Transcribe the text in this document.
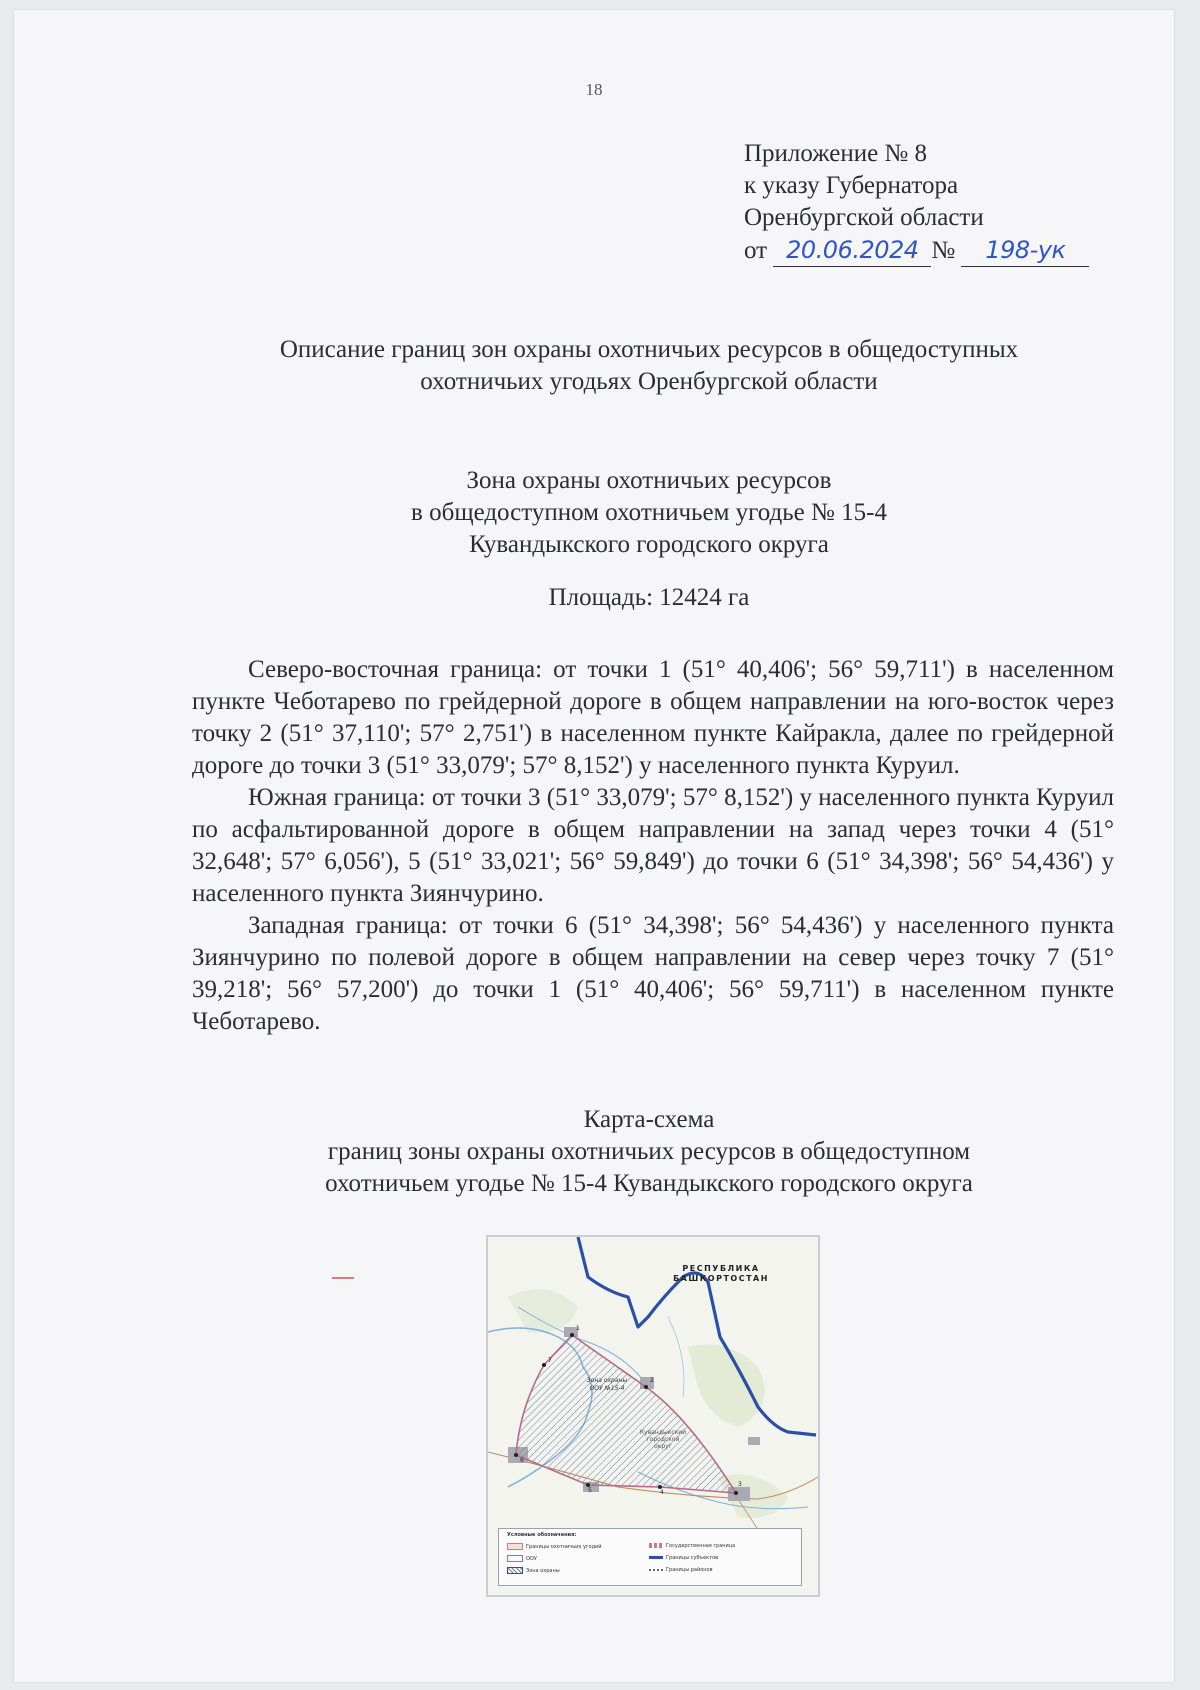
18
Приложение № 8
к указу Губернатора
Оренбургской области
от 20.06.2024 № 198-ук
Описание границ зон охраны охотничьих ресурсов в общедоступных
охотничьих угодьях Оренбургской области
Зона охраны охотничьих ресурсов
в общедоступном охотничьем угодье № 15-4
Кувандыкского городского округа
Площадь: 12424 га

Северо-восточная граница: от точки 1 (51° 40,406'; 56° 59,711') в населенном пункте Чеботарево по грейдерной дороге в общем направлении на юго-восток через точку 2 (51° 37,110'; 57° 2,751') в населенном пункте Кайракла, далее по грейдерной дороге до точки 3 (51° 33,079'; 57° 8,152') у населенного пункта Куруил.

Южная граница: от точки 3 (51° 33,079'; 57° 8,152') у населенного пункта Куруил по асфальтированной дороге в общем направлении на запад через точки 4 (51° 32,648'; 57° 6,056'), 5 (51° 33,021'; 56° 59,849') до точки 6 (51° 34,398'; 56° 54,436') у населенного пункта Зиянчурино.

Западная граница: от точки 6 (51° 34,398'; 56° 54,436') у населенного пункта Зиянчурино по полевой дороге в общем направлении на север через точку 7 (51° 39,218'; 56° 57,200') до точки 1 (51° 40,406'; 56° 59,711') в населенном пункте Чеботарево.

Карта-схема
границ зоны охраны охотничьих ресурсов в общедоступном
охотничьем угодье № 15-4 Кувандыкского городского округа
РЕСПУБЛИКА
БАШКОРТОСТАН
Зона охраны
ООУ №15-4
Кувандыкский
городской
округ
1
2
3
4
5
6
7
Условные обозначения:
Границы охотничьих угодий
ООУ
Зона охраны
Государственная граница
Границы субъектов
Границы районов
